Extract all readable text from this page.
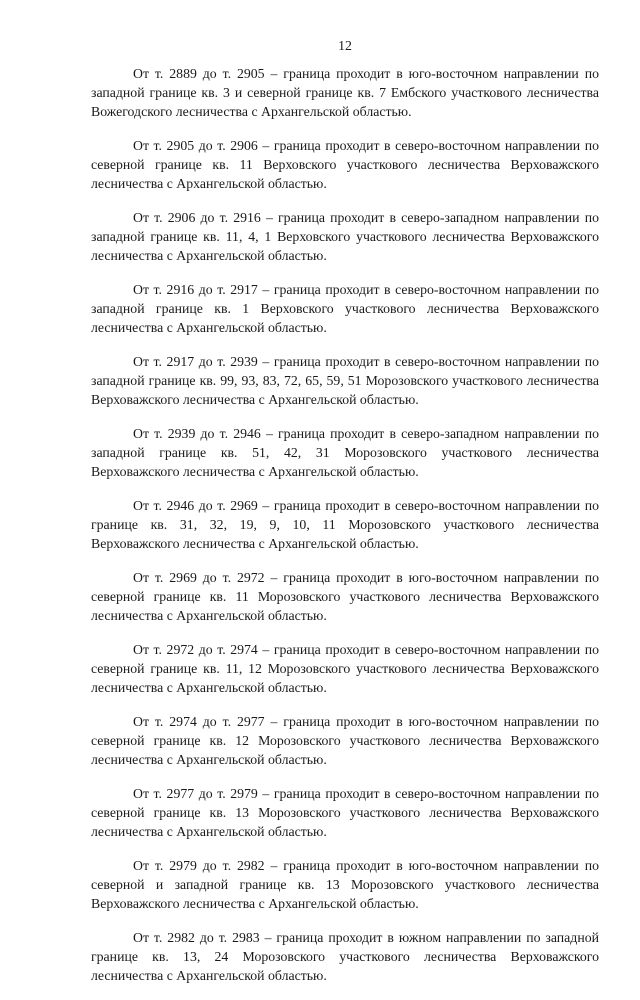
12

От т. 2889 до т. 2905 – граница проходит в юго-восточном направлении по западной границе кв. 3 и северной границе кв. 7 Ембского участкового лесничества Вожегодского лесничества с Архангельской областью.

От т. 2905 до т. 2906 – граница проходит в северо-восточном направлении по северной границе кв. 11 Верховского участкового лесничества Верховажского лесничества с Архангельской областью.

От т. 2906 до т. 2916 – граница проходит в северо-западном направлении по западной границе кв. 11, 4, 1 Верховского участкового лесничества Верховажского лесничества с Архангельской областью.

От т. 2916 до т. 2917 – граница проходит в северо-восточном направлении по западной границе кв. 1 Верховского участкового лесничества Верховажского лесничества с Архангельской областью.

От т. 2917 до т. 2939 – граница проходит в северо-восточном направлении по западной границе кв. 99, 93, 83, 72, 65, 59, 51 Морозовского участкового лесничества Верховажского лесничества с Архангельской областью.

От т. 2939 до т. 2946 – граница проходит в северо-западном направлении по западной границе кв. 51, 42, 31 Морозовского участкового лесничества Верховажского лесничества с Архангельской областью.

От т. 2946 до т. 2969 – граница проходит в северо-восточном направлении по границе кв. 31, 32, 19, 9, 10, 11 Морозовского участкового лесничества Верховажского лесничества с Архангельской областью.

От т. 2969 до т. 2972 – граница проходит в юго-восточном направлении по северной границе кв. 11 Морозовского участкового лесничества Верховажского лесничества с Архангельской областью.

От т. 2972 до т. 2974 – граница проходит в северо-восточном направлении по северной границе кв. 11, 12 Морозовского участкового лесничества Верховажского лесничества с Архангельской областью.

От т. 2974 до т. 2977 – граница проходит в юго-восточном направлении по северной границе кв. 12 Морозовского участкового лесничества Верховажского лесничества с Архангельской областью.

От т. 2977 до т. 2979 – граница проходит в северо-восточном направлении по северной границе кв. 13 Морозовского участкового лесничества Верховажского лесничества с Архангельской областью.

От т. 2979 до т. 2982 – граница проходит в юго-восточном направлении по северной и западной границе кв. 13 Морозовского участкового лесничества Верховажского лесничества с Архангельской областью.

От т. 2982 до т. 2983 – граница проходит в южном направлении по западной границе кв. 13, 24 Морозовского участкового лесничества Верховажского лесничества с Архангельской областью.
